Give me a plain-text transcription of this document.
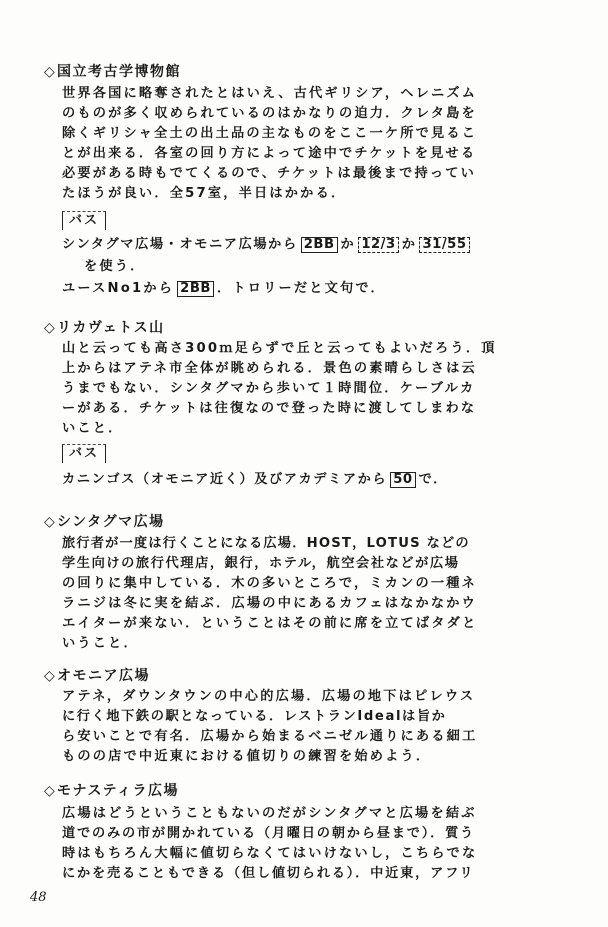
◇ 国立考古学博物館
世界各国に略奪されたとはいえ、古代ギリシア，ヘレニズム
のものが多く収められているのはかなりの迫力．クレタ島を
除くギリシャ全土の出土品の主なものをここ一ケ所で見るこ
とが出来る．各室の回り方によって途中でチケットを見せる
必要がある時もでてくるので、チケットは最後まで持ってい
たほうが良い．全57室，半日はかかる．
バス
シンタグマ広場・オモニア広場から 2BB か 12/3 か 31/55
を使う．
ユースNo1から 2BB ．トロリーだと文句で．
◇ リカヴェトス山
山と云っても高さ300ｍ足らずで丘と云ってもよいだろう．頂
上からはアテネ市全体が眺められる．景色の素晴らしさは云
うまでもない．シンタグマから歩いて１時間位．ケーブルカ
ーがある．チケットは往復なので登った時に渡してしまわな
いこと．
バス
カニンゴス（オモニア近く）及びアカデミアから 50 で．
◇ シンタグマ広場
旅行者が一度は行くことになる広場．HOST，LOTUS などの
学生向けの旅行代理店，銀行，ホテル，航空会社などが広場
の回りに集中している．木の多いところで，ミカンの一種ネ
ラニジは冬に実を結ぶ．広場の中にあるカフェはなかなかウ
エイターが来ない．ということはその前に席を立てばタダと
いうこと．
◇ オモニア広場
アテネ，ダウンタウンの中心的広場．広場の地下はピレウス
に行く地下鉄の駅となっている．レストランIdealは旨か
ら安いことで有名．広場から始まるベニゼル通りにある細工
ものの店で中近東における値切りの練習を始めよう．
◇ モナスティラ広場
広場はどうということもないのだがシンタグマと広場を結ぶ
道でのみの市が開かれている（月曜日の朝から昼まで）．質う
時はもちろん大幅に値切らなくてはいけないし，こちらでな
にかを売ることもできる（但し値切られる）．中近東，アフリ
48
